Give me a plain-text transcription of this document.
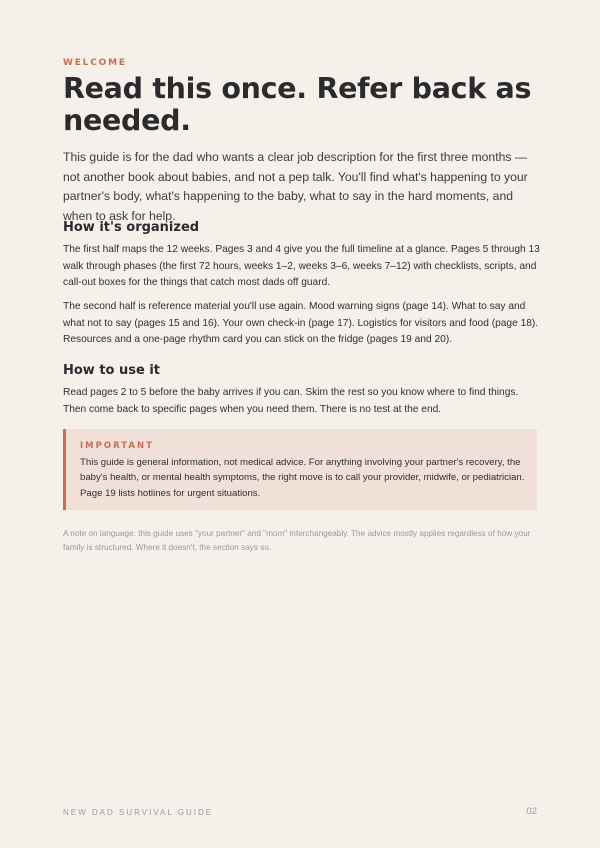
WELCOME
Read this once. Refer back as needed.

This guide is for the dad who wants a clear job description for the first three months — not another book about babies, and not a pep talk. You'll find what's happening to your partner's body, what's happening to the baby, what to say in the hard moments, and when to ask for help.

How it's organized

The first half maps the 12 weeks. Pages 3 and 4 give you the full timeline at a glance. Pages 5 through 13 walk through phases (the first 72 hours, weeks 1–2, weeks 3–6, weeks 7–12) with checklists, scripts, and call-out boxes for the things that catch most dads off guard.

The second half is reference material you'll use again. Mood warning signs (page 14). What to say and what not to say (pages 15 and 16). Your own check-in (page 17). Logistics for visitors and food (page 18). Resources and a one-page rhythm card you can stick on the fridge (pages 19 and 20).

How to use it

Read pages 2 to 5 before the baby arrives if you can. Skim the rest so you know where to find things. Then come back to specific pages when you need them. There is no test at the end.

IMPORTANT

This guide is general information, not medical advice. For anything involving your partner's recovery, the baby's health, or mental health symptoms, the right move is to call your provider, midwife, or pediatrician. Page 19 lists hotlines for urgent situations.

A note on language: this guide uses "your partner" and "mom" interchangeably. The advice mostly applies regardless of how your family is structured. Where it doesn't, the section says so.

NEW DAD SURVIVAL GUIDE	02
